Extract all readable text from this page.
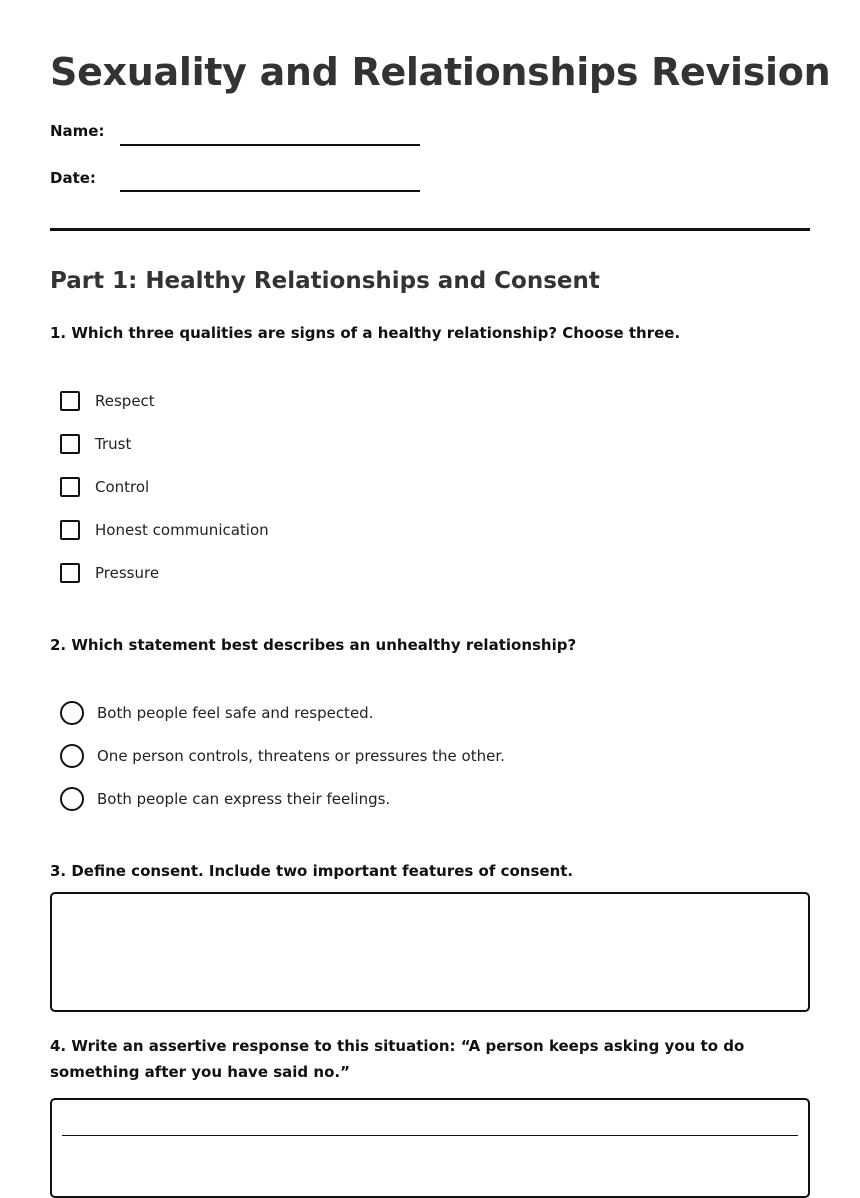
Sexuality and Relationships Revision
Name:
Date:
Part 1: Healthy Relationships and Consent

1. Which three qualities are signs of a healthy relationship? Choose three.

Respect
Trust
Control
Honest communication
Pressure

2. Which statement best describes an unhealthy relationship?

Both people feel safe and respected.
One person controls, threatens or pressures the other.
Both people can express their feelings.

3. Define consent. Include two important features of consent.

4. Write an assertive response to this situation: “A person keeps asking you to do something after you have said no.”
